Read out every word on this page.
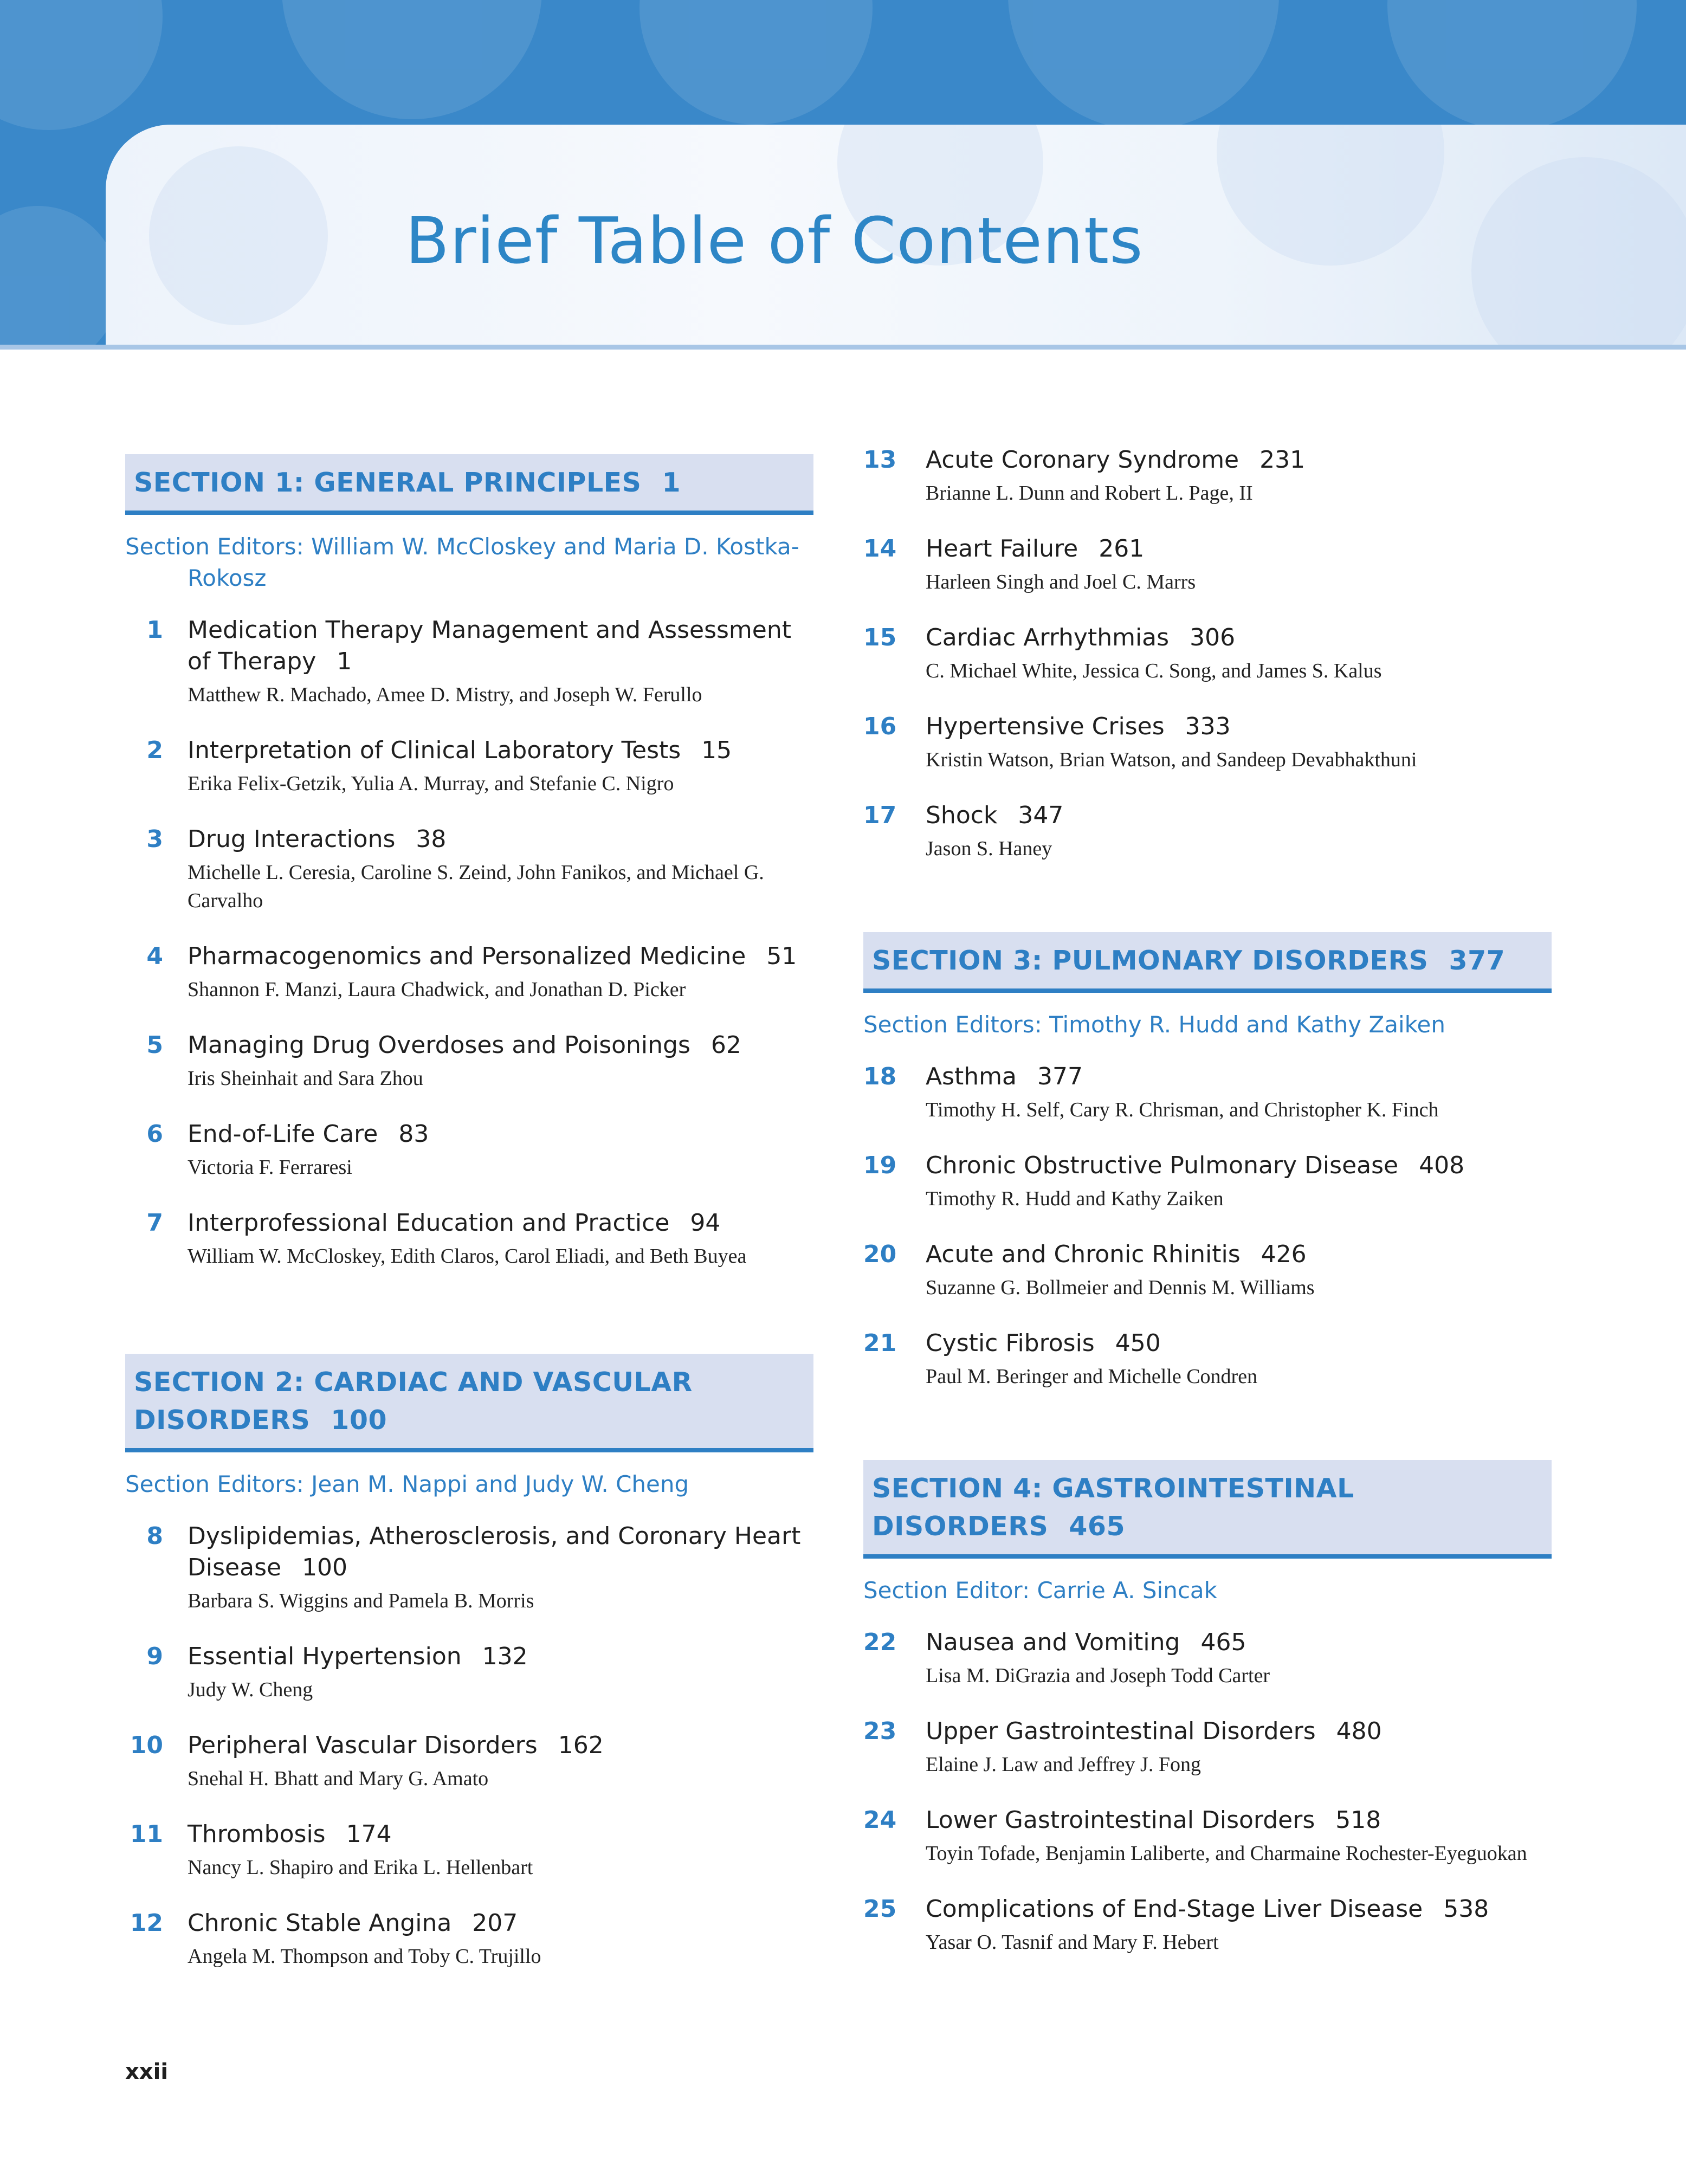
Brief Table of Contents
SECTION 1: GENERAL PRINCIPLES 1
Section Editors: William W. McCloskey and Maria D. Kostka-Rokosz
1 Medication Therapy Management and Assessment of Therapy 1
Matthew R. Machado, Amee D. Mistry, and Joseph W. Ferullo
2 Interpretation of Clinical Laboratory Tests 15
Erika Felix-Getzik, Yulia A. Murray, and Stefanie C. Nigro
3 Drug Interactions 38
Michelle L. Ceresia, Caroline S. Zeind, John Fanikos, and Michael G. Carvalho
4 Pharmacogenomics and Personalized Medicine 51
Shannon F. Manzi, Laura Chadwick, and Jonathan D. Picker
5 Managing Drug Overdoses and Poisonings 62
Iris Sheinhait and Sara Zhou
6 End-of-Life Care 83
Victoria F. Ferraresi
7 Interprofessional Education and Practice 94
William W. McCloskey, Edith Claros, Carol Eliadi, and Beth Buyea
SECTION 2: CARDIAC AND VASCULAR
DISORDERS 100
Section Editors: Jean M. Nappi and Judy W. Cheng
8 Dyslipidemias, Atherosclerosis, and Coronary Heart Disease 100
Barbara S. Wiggins and Pamela B. Morris
9 Essential Hypertension 132
Judy W. Cheng
10 Peripheral Vascular Disorders 162
Snehal H. Bhatt and Mary G. Amato
11 Thrombosis 174
Nancy L. Shapiro and Erika L. Hellenbart
12 Chronic Stable Angina 207
Angela M. Thompson and Toby C. Trujillo
13 Acute Coronary Syndrome 231
Brianne L. Dunn and Robert L. Page, II
14 Heart Failure 261
Harleen Singh and Joel C. Marrs
15 Cardiac Arrhythmias 306
C. Michael White, Jessica C. Song, and James S. Kalus
16 Hypertensive Crises 333
Kristin Watson, Brian Watson, and Sandeep Devabhakthuni
17 Shock 347
Jason S. Haney
SECTION 3: PULMONARY DISORDERS 377
Section Editors: Timothy R. Hudd and Kathy Zaiken
18 Asthma 377
Timothy H. Self, Cary R. Chrisman, and Christopher K. Finch
19 Chronic Obstructive Pulmonary Disease 408
Timothy R. Hudd and Kathy Zaiken
20 Acute and Chronic Rhinitis 426
Suzanne G. Bollmeier and Dennis M. Williams
21 Cystic Fibrosis 450
Paul M. Beringer and Michelle Condren
SECTION 4: GASTROINTESTINAL
DISORDERS 465
Section Editor: Carrie A. Sincak
22 Nausea and Vomiting 465
Lisa M. DiGrazia and Joseph Todd Carter
23 Upper Gastrointestinal Disorders 480
Elaine J. Law and Jeffrey J. Fong
24 Lower Gastrointestinal Disorders 518
Toyin Tofade, Benjamin Laliberte, and Charmaine Rochester-Eyeguokan
25 Complications of End-Stage Liver Disease 538
Yasar O. Tasnif and Mary F. Hebert
xxii
